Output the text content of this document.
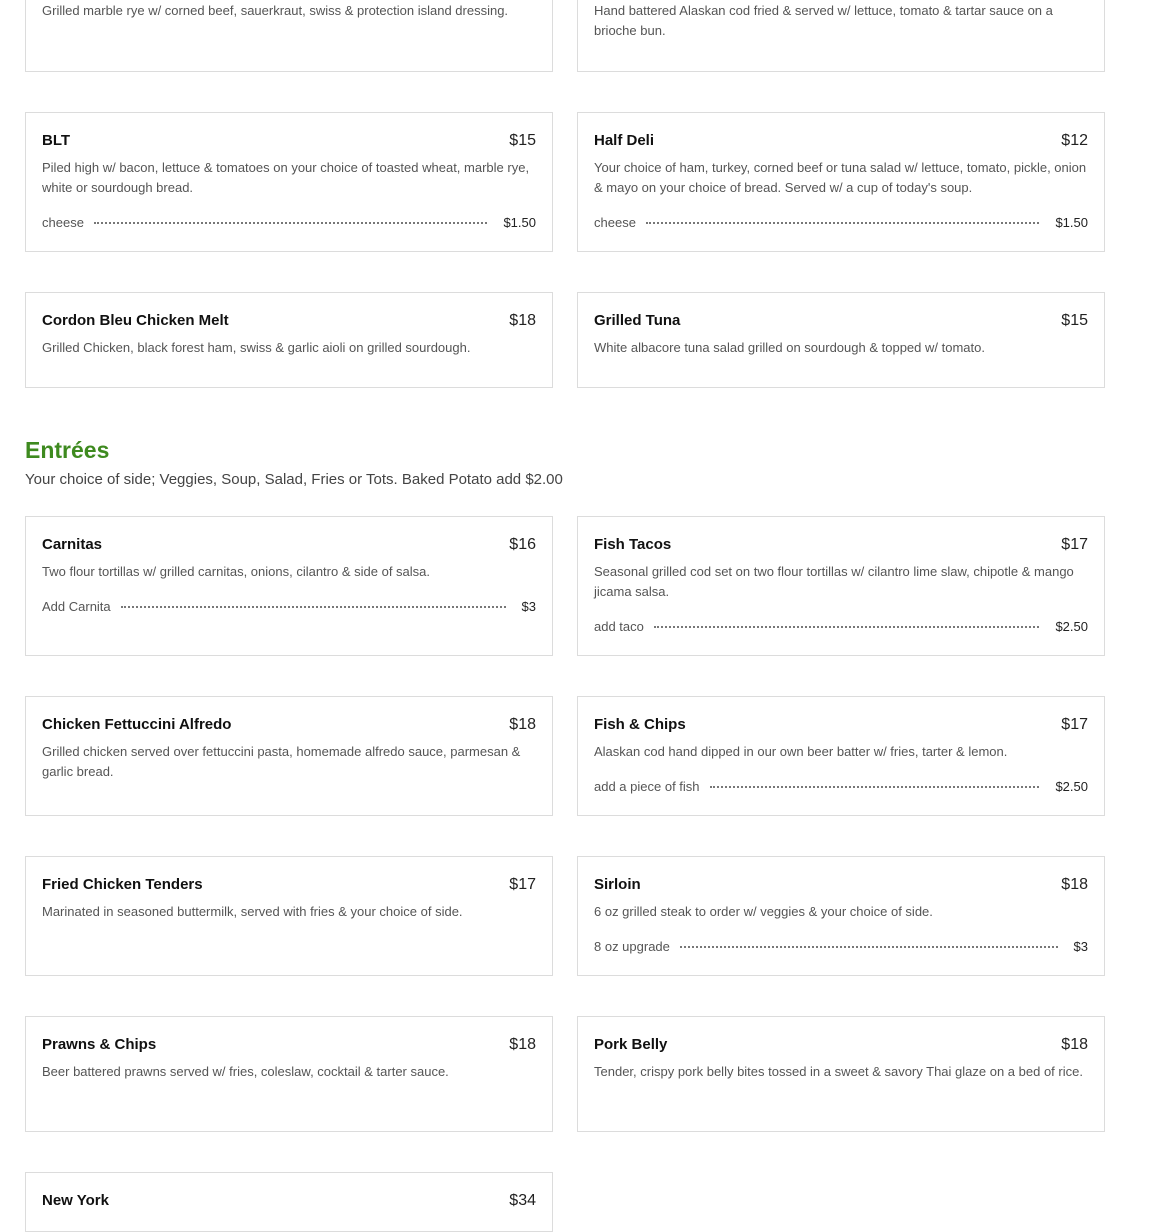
Grilled marble rye w/ corned beef, sauerkraut, swiss & protection island dressing.	Hand battered Alaskan cod fried & served w/ lettuce, tomato & tartar sauce on a brioche bun.
BLT	$15
Piled high w/ bacon, lettuce & tomatoes on your choice of toasted wheat, marble rye, white or sourdough bread.
cheese	$1.50
Half Deli	$12
Your choice of ham, turkey, corned beef or tuna salad w/ lettuce, tomato, pickle, onion & mayo on your choice of bread. Served w/ a cup of today's soup.
cheese	$1.50
Cordon Bleu Chicken Melt	$18
Grilled Chicken, black forest ham, swiss & garlic aioli on grilled sourdough.
Grilled Tuna	$15
White albacore tuna salad grilled on sourdough & topped w/ tomato.
Entrées
Your choice of side; Veggies, Soup, Salad, Fries or Tots. Baked Potato add $2.00
Carnitas	$16
Two flour tortillas w/ grilled carnitas, onions, cilantro & side of salsa.
Add Carnita	$3
Fish Tacos	$17
Seasonal grilled cod set on two flour tortillas w/ cilantro lime slaw, chipotle & mango jicama salsa.
add taco	$2.50
Chicken Fettuccini Alfredo	$18
Grilled chicken served over fettuccini pasta, homemade alfredo sauce, parmesan & garlic bread.
Fish & Chips	$17
Alaskan cod hand dipped in our own beer batter w/ fries, tarter & lemon.
add a piece of fish	$2.50
Fried Chicken Tenders	$17
Marinated in seasoned buttermilk, served with fries & your choice of side.
Sirloin	$18
6 oz grilled steak to order w/ veggies & your choice of side.
8 oz upgrade	$3
Prawns & Chips	$18
Beer battered prawns served w/ fries, coleslaw, cocktail & tarter sauce.
Pork Belly	$18
Tender, crispy pork belly bites tossed in a sweet & savory Thai glaze on a bed of rice.
New York	$34
